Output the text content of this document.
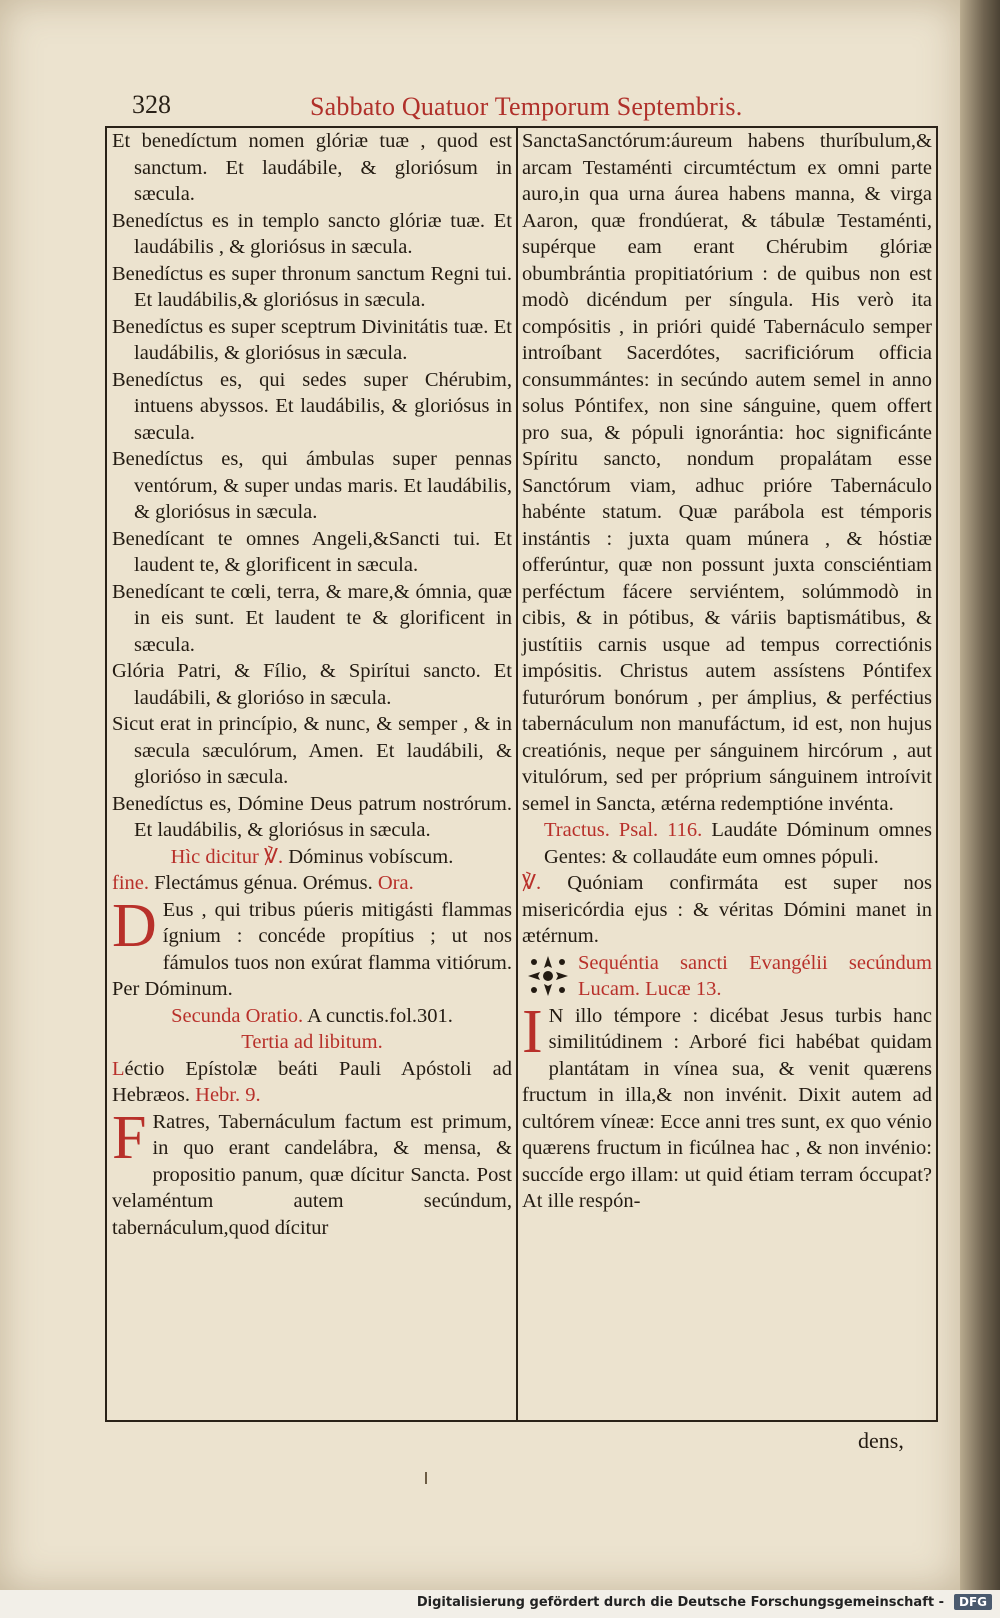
328	Sabbato Quatuor Temporum Septembris.

Et benedíctum nomen glóriæ tuæ , quod est sanctum. Et laudábile, & gloriósum in sæcula.

Benedíctus es in templo sancto glóriæ tuæ. Et laudábilis , & gloriósus in sæcula.

Benedíctus es super thronum sanctum Regni tui. Et laudábilis,& gloriósus in sæcula.

Benedíctus es super sceptrum Divinitátis tuæ. Et laudábilis, & gloriósus in sæcula.

Benedíctus es, qui sedes super Chérubim, intuens abyssos. Et laudábilis, & gloriósus in sæcula.

Benedíctus es, qui ámbulas super pennas ventórum, & super undas maris. Et laudábilis, & gloriósus in sæcula.

Benedícant te omnes Angeli,&Sancti tui. Et laudent te, & glorificent in sæcula.

Benedícant te cœli, terra, & mare,& ómnia, quæ in eis sunt. Et laudent te & glorificent in sæcula.

Glória Patri, & Fílio, & Spirítui sancto. Et laudábili, & glorióso in sæcula.

Sicut erat in princípio, & nunc, & semper , & in sæcula sæculórum, Amen. Et laudábili, & glorióso in sæcula.

Benedíctus es, Dómine Deus patrum nostrórum. Et laudábilis, & gloriósus in sæcula.

Hìc dicitur ℣. Dóminus vobíscum.

fine. Flectámus génua. Orémus. Ora.

D Eus , qui tribus púeris mitigásti flammas ígnium : concéde propítius ; ut nos fámulos tuos non exúrat flamma vitiórum. Per Dóminum.

Secunda Oratio. A cunctis.fol.301.

Tertia ad libitum.

Léctio Epístolæ beáti Pauli Apóstoli ad Hebræos. Hebr. 9.

F Ratres, Tabernáculum factum est primum, in quo erant candelábra, & mensa, & propositio panum, quæ dícitur Sancta. Post velaméntum autem secúndum, tabernáculum,quod dícitur

SanctaSanctórum:áureum habens thuríbulum,& arcam Testaménti circumtéctum ex omni parte auro,in qua urna áurea habens manna, & virga Aaron, quæ frondúerat, & tábulæ Testaménti, supérque eam erant Chérubim glóriæ obumbrántia propitiatórium : de quibus non est modò dicéndum per síngula. His verò ita compósitis , in prióri quidé Tabernáculo semper introíbant Sacerdótes, sacrificiórum officia consummántes: in secúndo autem semel in anno solus Póntifex, non sine sánguine, quem offert pro sua, & pópuli ignorántia: hoc significánte Spíritu sancto, nondum propalátam esse Sanctórum viam, adhuc prióre Tabernáculo habénte statum. Quæ parábola est témporis instántis : juxta quam múnera , & hóstiæ offerúntur, quæ non possunt juxta consciéntiam perféctum fácere serviéntem, solúmmodò in cibis, & in pótibus, & váriis baptismátibus, & justítiis carnis usque ad tempus correctiónis impósitis. Christus autem assístens Póntifex futurórum bonórum , per ámplius, & perféctius tabernáculum non manufáctum, id est, non hujus creatiónis, neque per sánguinem hircórum , aut vitulórum, sed per próprium sánguinem introívit semel in Sancta, ætérna redemptióne invénta.

Tractus. Psal. 116. Laudáte Dóminum omnes Gentes: & collaudáte eum omnes pópuli.

℣. Quóniam confirmáta est super nos misericórdia ejus : & véritas Dómini manet in ætérnum.

Sequéntia sancti Evangélii secúndum Lucam. Lucæ 13.

I N illo témpore : dicébat Jesus turbis hanc similitúdinem : Arboré fici habébat quidam plantátam in vínea sua, & venit quærens fructum in illa,& non invénit. Dixit autem ad cultórem víneæ: Ecce anni tres sunt, ex quo vénio quærens fructum in ficúlnea hac , & non invénio: succíde ergo illam: ut quid étiam terram óccupat? At ille respón-

dens,
Digitalisierung gefördert durch die Deutsche Forschungsgemeinschaft -	DFG
